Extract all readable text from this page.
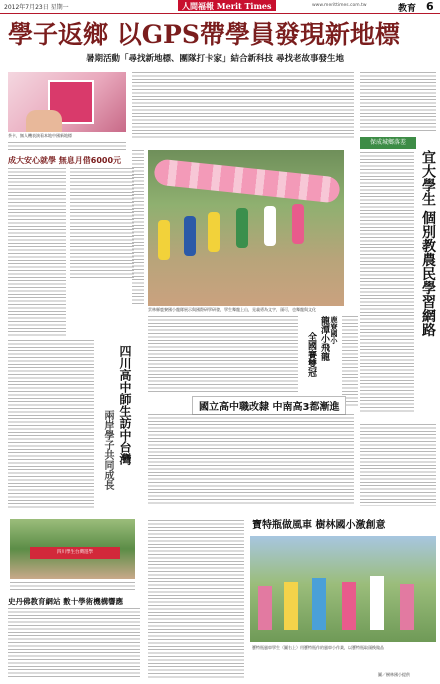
2012年7月23日 星期一	人間福報 Merit Times	www.merittimes.com.tw	教育 6
學子返鄉 以GPS帶學員發現新地標
暑期活動「尋找新地標、團隊打卡家」結合新科技 尋找老故事發生地
茶卡，無人機表演看本地中國新地標
成大安心就學 無息月借6000元
雲林縣鹿寮國小龍隊展示與國際研學研發，學生舞龍上山，見義勇為文字，頭可，也舞龍與文化
保成城鄉落差
宜大學生 個別教農民學習網路
四川高中師生訪中台灣
兩岸學子共同成長
鹿寮國小
龍潭小飛龍
全國賽雙冠
國立高中職改隸 中南高3都漸進
四川學生台灣遊學
史丹佛教育網站 數十學術機構響應
寶特瓶做風車 樹林國小激創意
寶特瓶風車學生（圖右上）用寶特瓶作的風車小作業，以寶特瓶取頭換做品
圖／樹林國小提供
